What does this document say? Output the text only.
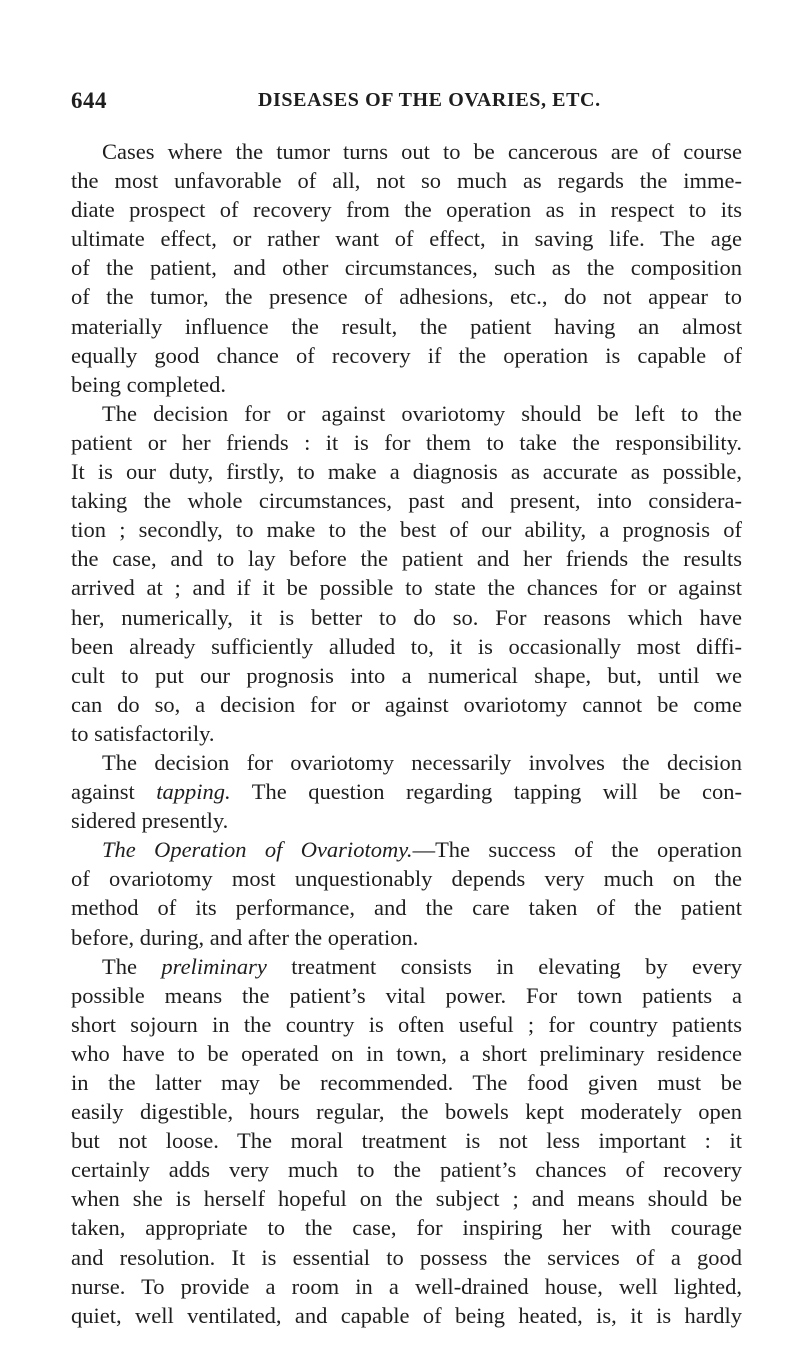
644	DISEASES OF THE OVARIES, ETC.
Cases where the tumor turns out to be cancerous are of course
the most unfavorable of all, not so much as regards the imme-
diate prospect of recovery from the operation as in respect to its
ultimate effect, or rather want of effect, in saving life. The age
of the patient, and other circumstances, such as the composition
of the tumor, the presence of adhesions, etc., do not appear to
materially influence the result, the patient having an almost
equally good chance of recovery if the operation is capable of
being completed.
The decision for or against ovariotomy should be left to the
patient or her friends : it is for them to take the responsibility.
It is our duty, firstly, to make a diagnosis as accurate as possible,
taking the whole circumstances, past and present, into considera-
tion ; secondly, to make to the best of our ability, a prognosis of
the case, and to lay before the patient and her friends the results
arrived at ; and if it be possible to state the chances for or against
her, numerically, it is better to do so. For reasons which have
been already sufficiently alluded to, it is occasionally most diffi-
cult to put our prognosis into a numerical shape, but, until we
can do so, a decision for or against ovariotomy cannot be come
to satisfactorily.
The decision for ovariotomy necessarily involves the decision
against tapping. The question regarding tapping will be con-
sidered presently.
The Operation of Ovariotomy.—The success of the operation
of ovariotomy most unquestionably depends very much on the
method of its performance, and the care taken of the patient
before, during, and after the operation.
The preliminary treatment consists in elevating by every
possible means the patient’s vital power. For town patients a
short sojourn in the country is often useful ; for country patients
who have to be operated on in town, a short preliminary residence
in the latter may be recommended. The food given must be
easily digestible, hours regular, the bowels kept moderately open
but not loose. The moral treatment is not less important : it
certainly adds very much to the patient’s chances of recovery
when she is herself hopeful on the subject ; and means should be
taken, appropriate to the case, for inspiring her with courage
and resolution. It is essential to possess the services of a good
nurse. To provide a room in a well-drained house, well lighted,
quiet, well ventilated, and capable of being heated, is, it is hardly
